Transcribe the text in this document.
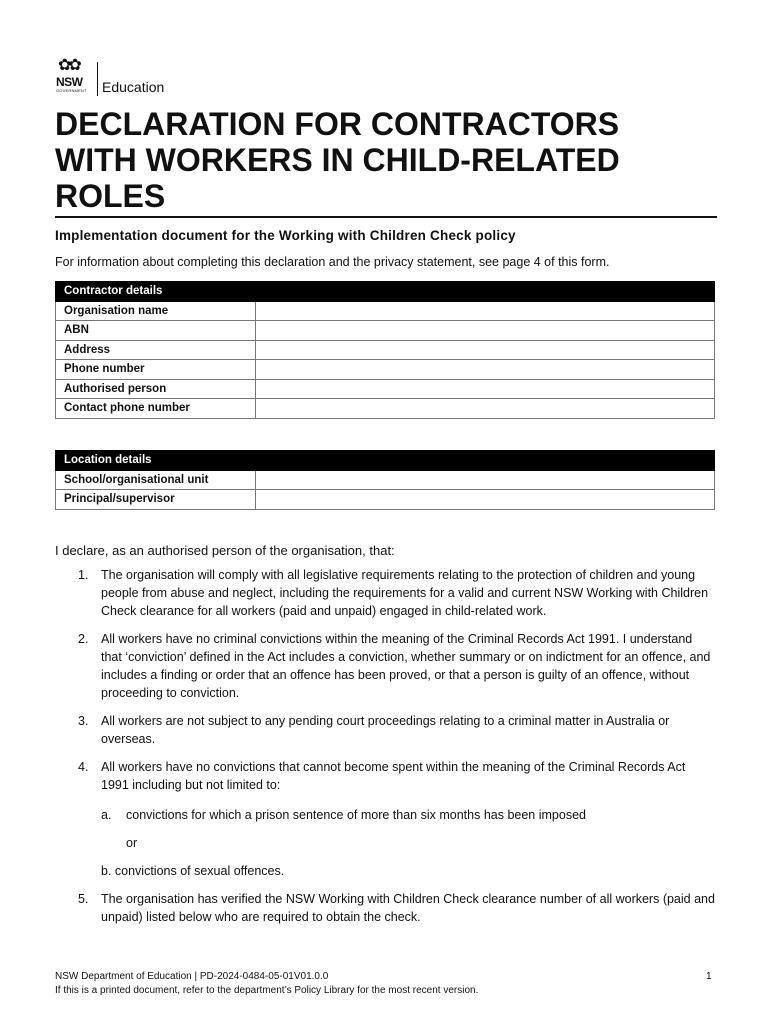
✿✿
NSW
GOVERNMENT Education
DECLARATION FOR CONTRACTORS WITH WORKERS IN CHILD-RELATED ROLES
Implementation document for the Working with Children Check policy
For information about completing this declaration and the privacy statement, see page 4 of this form.
Contractor details	
Organisation name	
ABN	
Address	
Phone number	
Authorised person	
Contact phone number	
Location details	
School/organisational unit	
Principal/supervisor	
I declare, as an authorised person of the organisation, that:
1. The organisation will comply with all legislative requirements relating to the protection of children and young people from abuse and neglect, including the requirements for a valid and current NSW Working with Children Check clearance for all workers (paid and unpaid) engaged in child-related work.
2. All workers have no criminal convictions within the meaning of the Criminal Records Act 1991. I understand that ‘conviction’ defined in the Act includes a conviction, whether summary or on indictment for an offence, and includes a finding or order that an offence has been proved, or that a person is guilty of an offence, without proceeding to conviction.
3. All workers are not subject to any pending court proceedings relating to a criminal matter in Australia or overseas.
4. All workers have no convictions that cannot become spent within the meaning of the Criminal Records Act 1991 including but not limited to:
a. convictions for which a prison sentence of more than six months has been imposed
or
b. convictions of sexual offences.
5. The organisation has verified the NSW Working with Children Check clearance number of all workers (paid and unpaid) listed below who are required to obtain the check.
NSW Department of Education | PD-2024-0484-05-01V01.0.0
If this is a printed document, refer to the department’s Policy Library for the most recent version.
1
